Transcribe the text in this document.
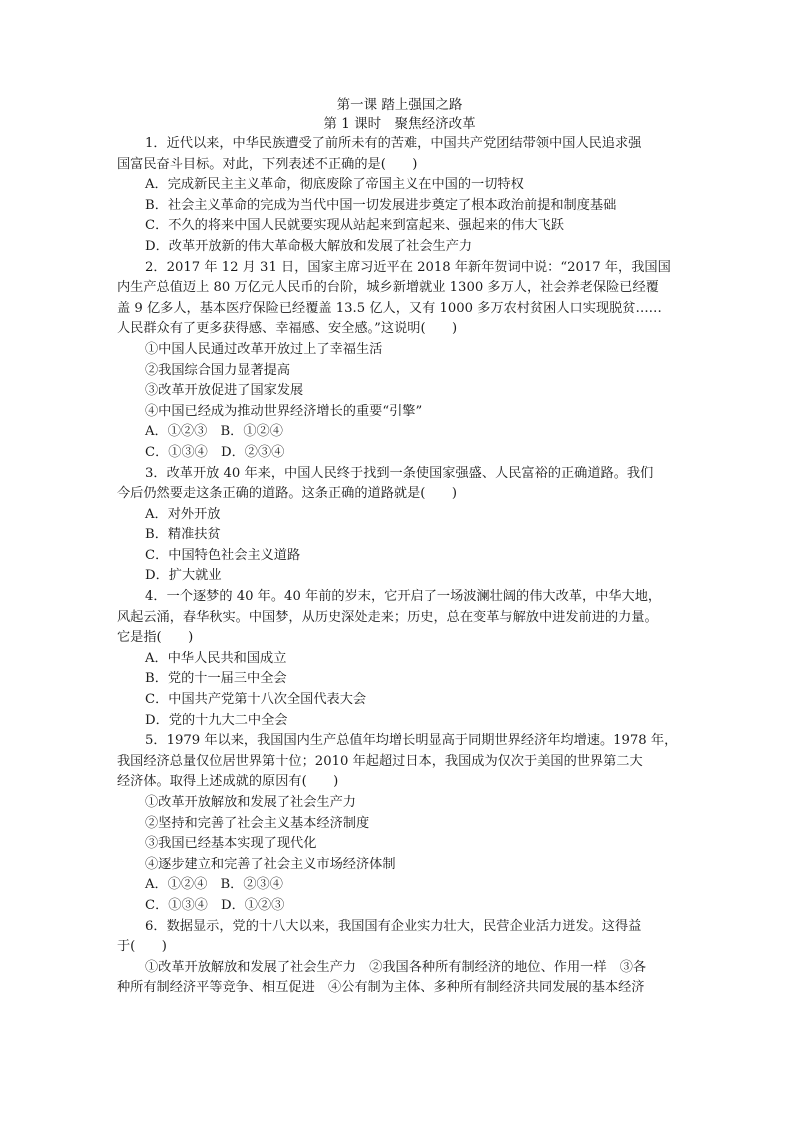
第一课 踏上强国之路
第 1 课时　聚焦经济改革
1．近代以来，中华民族遭受了前所未有的苦难，中国共产党团结带领中国人民追求强
国富民奋斗目标。对此，下列表述不正确的是(　　)
A．完成新民主主义革命，彻底废除了帝国主义在中国的一切特权
B．社会主义革命的完成为当代中国一切发展进步奠定了根本政治前提和制度基础
C．不久的将来中国人民就要实现从站起来到富起来、强起来的伟大飞跃
D．改革开放新的伟大革命极大解放和发展了社会生产力
2．2017 年 12 月 31 日，国家主席习近平在 2018 年新年贺词中说：“2017 年，我国国
内生产总值迈上 80 万亿元人民币的台阶，城乡新增就业 1300 多万人，社会养老保险已经覆
盖 9 亿多人，基本医疗保险已经覆盖 13.5 亿人，又有 1000 多万农村贫困人口实现脱贫……
人民群众有了更多获得感、幸福感、安全感。”这说明(　　)
①中国人民通过改革开放过上了幸福生活
②我国综合国力显著提高
③改革开放促进了国家发展
④中国已经成为推动世界经济增长的重要“引擎”
A．①②③　B．①②④
C．①③④　D．②③④
3．改革开放 40 年来，中国人民终于找到一条使国家强盛、人民富裕的正确道路。我们
今后仍然要走这条正确的道路。这条正确的道路就是(　　)
A．对外开放
B．精准扶贫
C．中国特色社会主义道路
D．扩大就业
4．一个逐梦的 40 年。40 年前的岁末，它开启了一场波澜壮阔的伟大改革，中华大地，
风起云涌，春华秋实。中国梦，从历史深处走来；历史，总在变革与解放中进发前进的力量。
它是指(　　)
A．中华人民共和国成立
B．党的十一届三中全会
C．中国共产党第十八次全国代表大会
D．党的十九大二中全会
5．1979 年以来，我国国内生产总值年均增长明显高于同期世界经济年均增速。1978 年，
我国经济总量仅位居世界第十位；2010 年起超过日本，我国成为仅次于美国的世界第二大
经济体。取得上述成就的原因有(　　)
①改革开放解放和发展了社会生产力
②坚持和完善了社会主义基本经济制度
③我国已经基本实现了现代化
④逐步建立和完善了社会主义市场经济体制
A．①②④　B．②③④
C．①③④　D．①②③
6．数据显示，党的十八大以来，我国国有企业实力壮大，民营企业活力迸发。这得益
于(　　)
①改革开放解放和发展了社会生产力　②我国各种所有制经济的地位、作用一样　③各
种所有制经济平等竞争、相互促进　④公有制为主体、多种所有制经济共同发展的基本经济
